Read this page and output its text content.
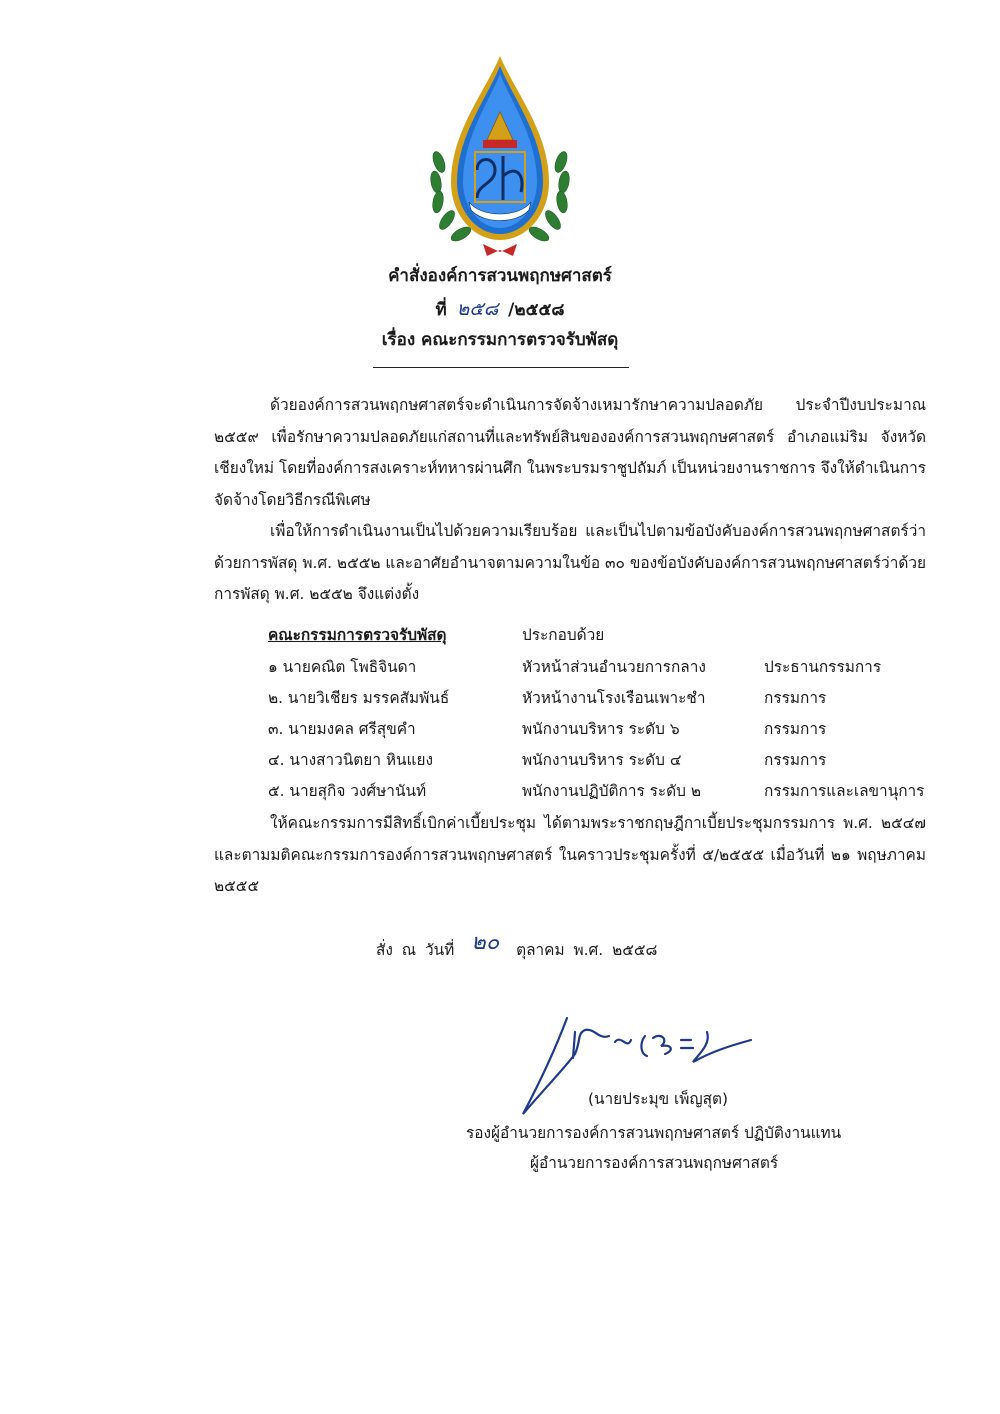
คำสั่งองค์การสวนพฤกษศาสตร์
ที่ ๒๕๘ /๒๕๕๘
เรื่อง คณะกรรมการตรวจรับพัสดุ
ด้วยองค์การสวนพฤกษศาสตร์จะดำเนินการจัดจ้างเหมารักษาความปลอดภัย ประจำปีงบประมาณ ๒๕๕๙ เพื่อรักษาความปลอดภัยแก่สถานที่และทรัพย์สินขององค์การสวนพฤกษศาสตร์ อำเภอแม่ริม จังหวัดเชียงใหม่ โดยที่องค์การสงเคราะห์ทหารผ่านศึก ในพระบรมราชูปถัมภ์ เป็นหน่วยงานราชการ จึงให้ดำเนินการจัดจ้างโดยวิธีกรณีพิเศษ
เพื่อให้การดำเนินงานเป็นไปด้วยความเรียบร้อย และเป็นไปตามข้อบังคับองค์การสวนพฤกษศาสตร์ว่าด้วยการพัสดุ พ.ศ. ๒๕๕๒ และอาศัยอำนาจตามความในข้อ ๓๐ ของข้อบังคับองค์การสวนพฤกษศาสตร์ว่าด้วยการพัสดุ พ.ศ. ๒๕๕๒ จึงแต่งตั้ง
คณะกรรมการตรวจรับพัสดุ	ประกอบด้วย
๑ นายคณิต โพธิจินดา	หัวหน้าส่วนอำนวยการกลาง	ประธานกรรมการ
๒. นายวิเชียร มรรคสัมพันธ์	หัวหน้างานโรงเรือนเพาะชำ	กรรมการ
๓. นายมงคล ศรีสุขคำ	พนักงานบริหาร ระดับ ๖	กรรมการ
๔. นางสาวนิตยา หินแยง	พนักงานบริหาร ระดับ ๔	กรรมการ
๕. นายสุกิจ วงศ์ษานันท์	พนักงานปฏิบัติการ ระดับ ๒	กรรมการและเลขานุการ
ให้คณะกรรมการมีสิทธิ์เบิกค่าเบี้ยประชุม ได้ตามพระราชกฤษฎีกาเบี้ยประชุมกรรมการ พ.ศ. ๒๕๔๗ และตามมติคณะกรรมการองค์การสวนพฤกษศาสตร์ ในคราวประชุมครั้งที่ ๕/๒๕๕๕ เมื่อวันที่ ๒๑ พฤษภาคม ๒๕๕๕
สั่ง ณ วันที่ ๒๐ ตุลาคม พ.ศ. ๒๕๕๘
(นายประมุข เพ็ญสุต)
รองผู้อำนวยการองค์การสวนพฤกษศาสตร์ ปฏิบัติงานแทน
ผู้อำนวยการองค์การสวนพฤกษศาสตร์
